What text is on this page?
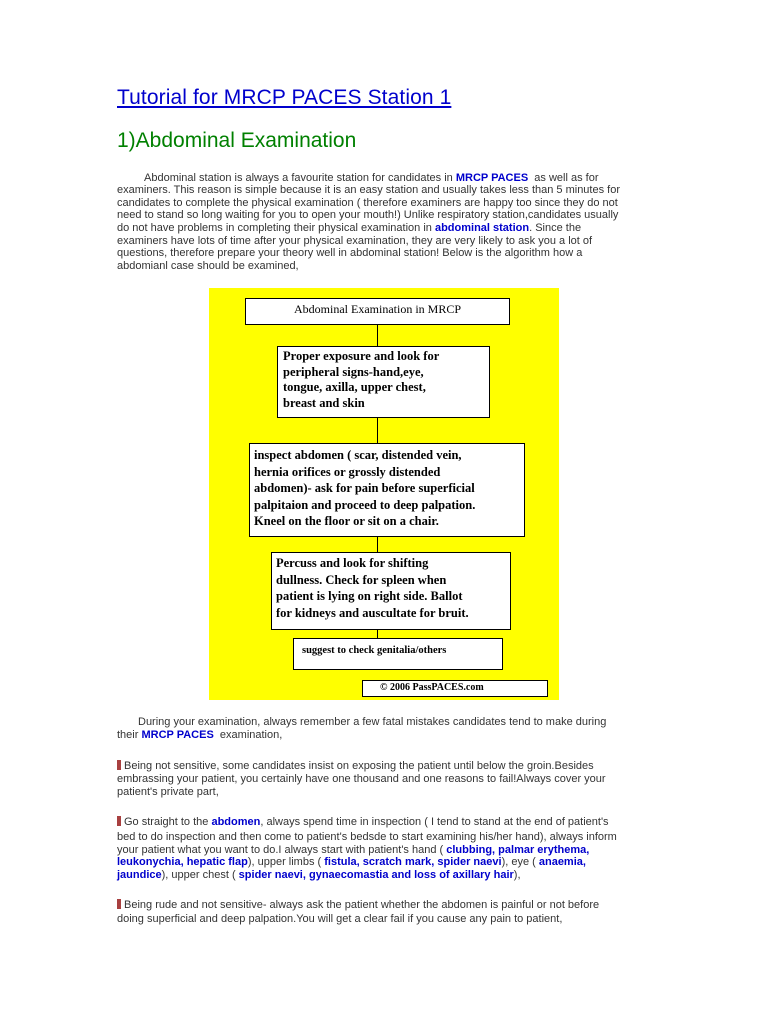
Tutorial for MRCP PACES Station 1
1)Abdominal Examination
Abdominal station is always a favourite station for candidates in MRCP PACES as well as for
examiners. This reason is simple because it is an easy station and usually takes less than 5 minutes for
candidates to complete the physical examination ( therefore examiners are happy too since they do not
need to stand so long waiting for you to open your mouth!) Unlike respiratory station,candidates usually
do not have problems in completing their physical examination in abdominal station. Since the
examiners have lots of time after your physical examination, they are very likely to ask you a lot of
questions, therefore prepare your theory well in abdominal station! Below is the algorithm how a
abdomianl case should be examined,
Abdominal Examination in MRCP
Proper exposure and look for
peripheral signs-hand,eye,
tongue, axilla, upper chest,
breast and skin
inspect abdomen ( scar, distended vein,
hernia orifices or grossly distended
abdomen)- ask for pain before superficial
palpitaion and proceed to deep palpation.
Kneel on the floor or sit on a chair.
Percuss and look for shifting
dullness. Check for spleen when
patient is lying on right side. Ballot
for kidneys and auscultate for bruit.
suggest to check genitalia/others
© 2006 PassPACES.com
During your examination, always remember a few fatal mistakes candidates tend to make during
their MRCP PACES examination,
Being not sensitive, some candidates insist on exposing the patient until below the groin.Besides
embrassing your patient, you certainly have one thousand and one reasons to fail!Always cover your
patient's private part,
Go straight to the abdomen, always spend time in inspection ( I tend to stand at the end of patient's
bed to do inspection and then come to patient's bedsde to start examining his/her hand), always inform
your patient what you want to do.I always start with patient's hand ( clubbing, palmar erythema,
leukonychia, hepatic flap), upper limbs ( fistula, scratch mark, spider naevi), eye ( anaemia,
jaundice), upper chest ( spider naevi, gynaecomastia and loss of axillary hair),
Being rude and not sensitive- always ask the patient whether the abdomen is painful or not before
doing superficial and deep palpation.You will get a clear fail if you cause any pain to patient,
